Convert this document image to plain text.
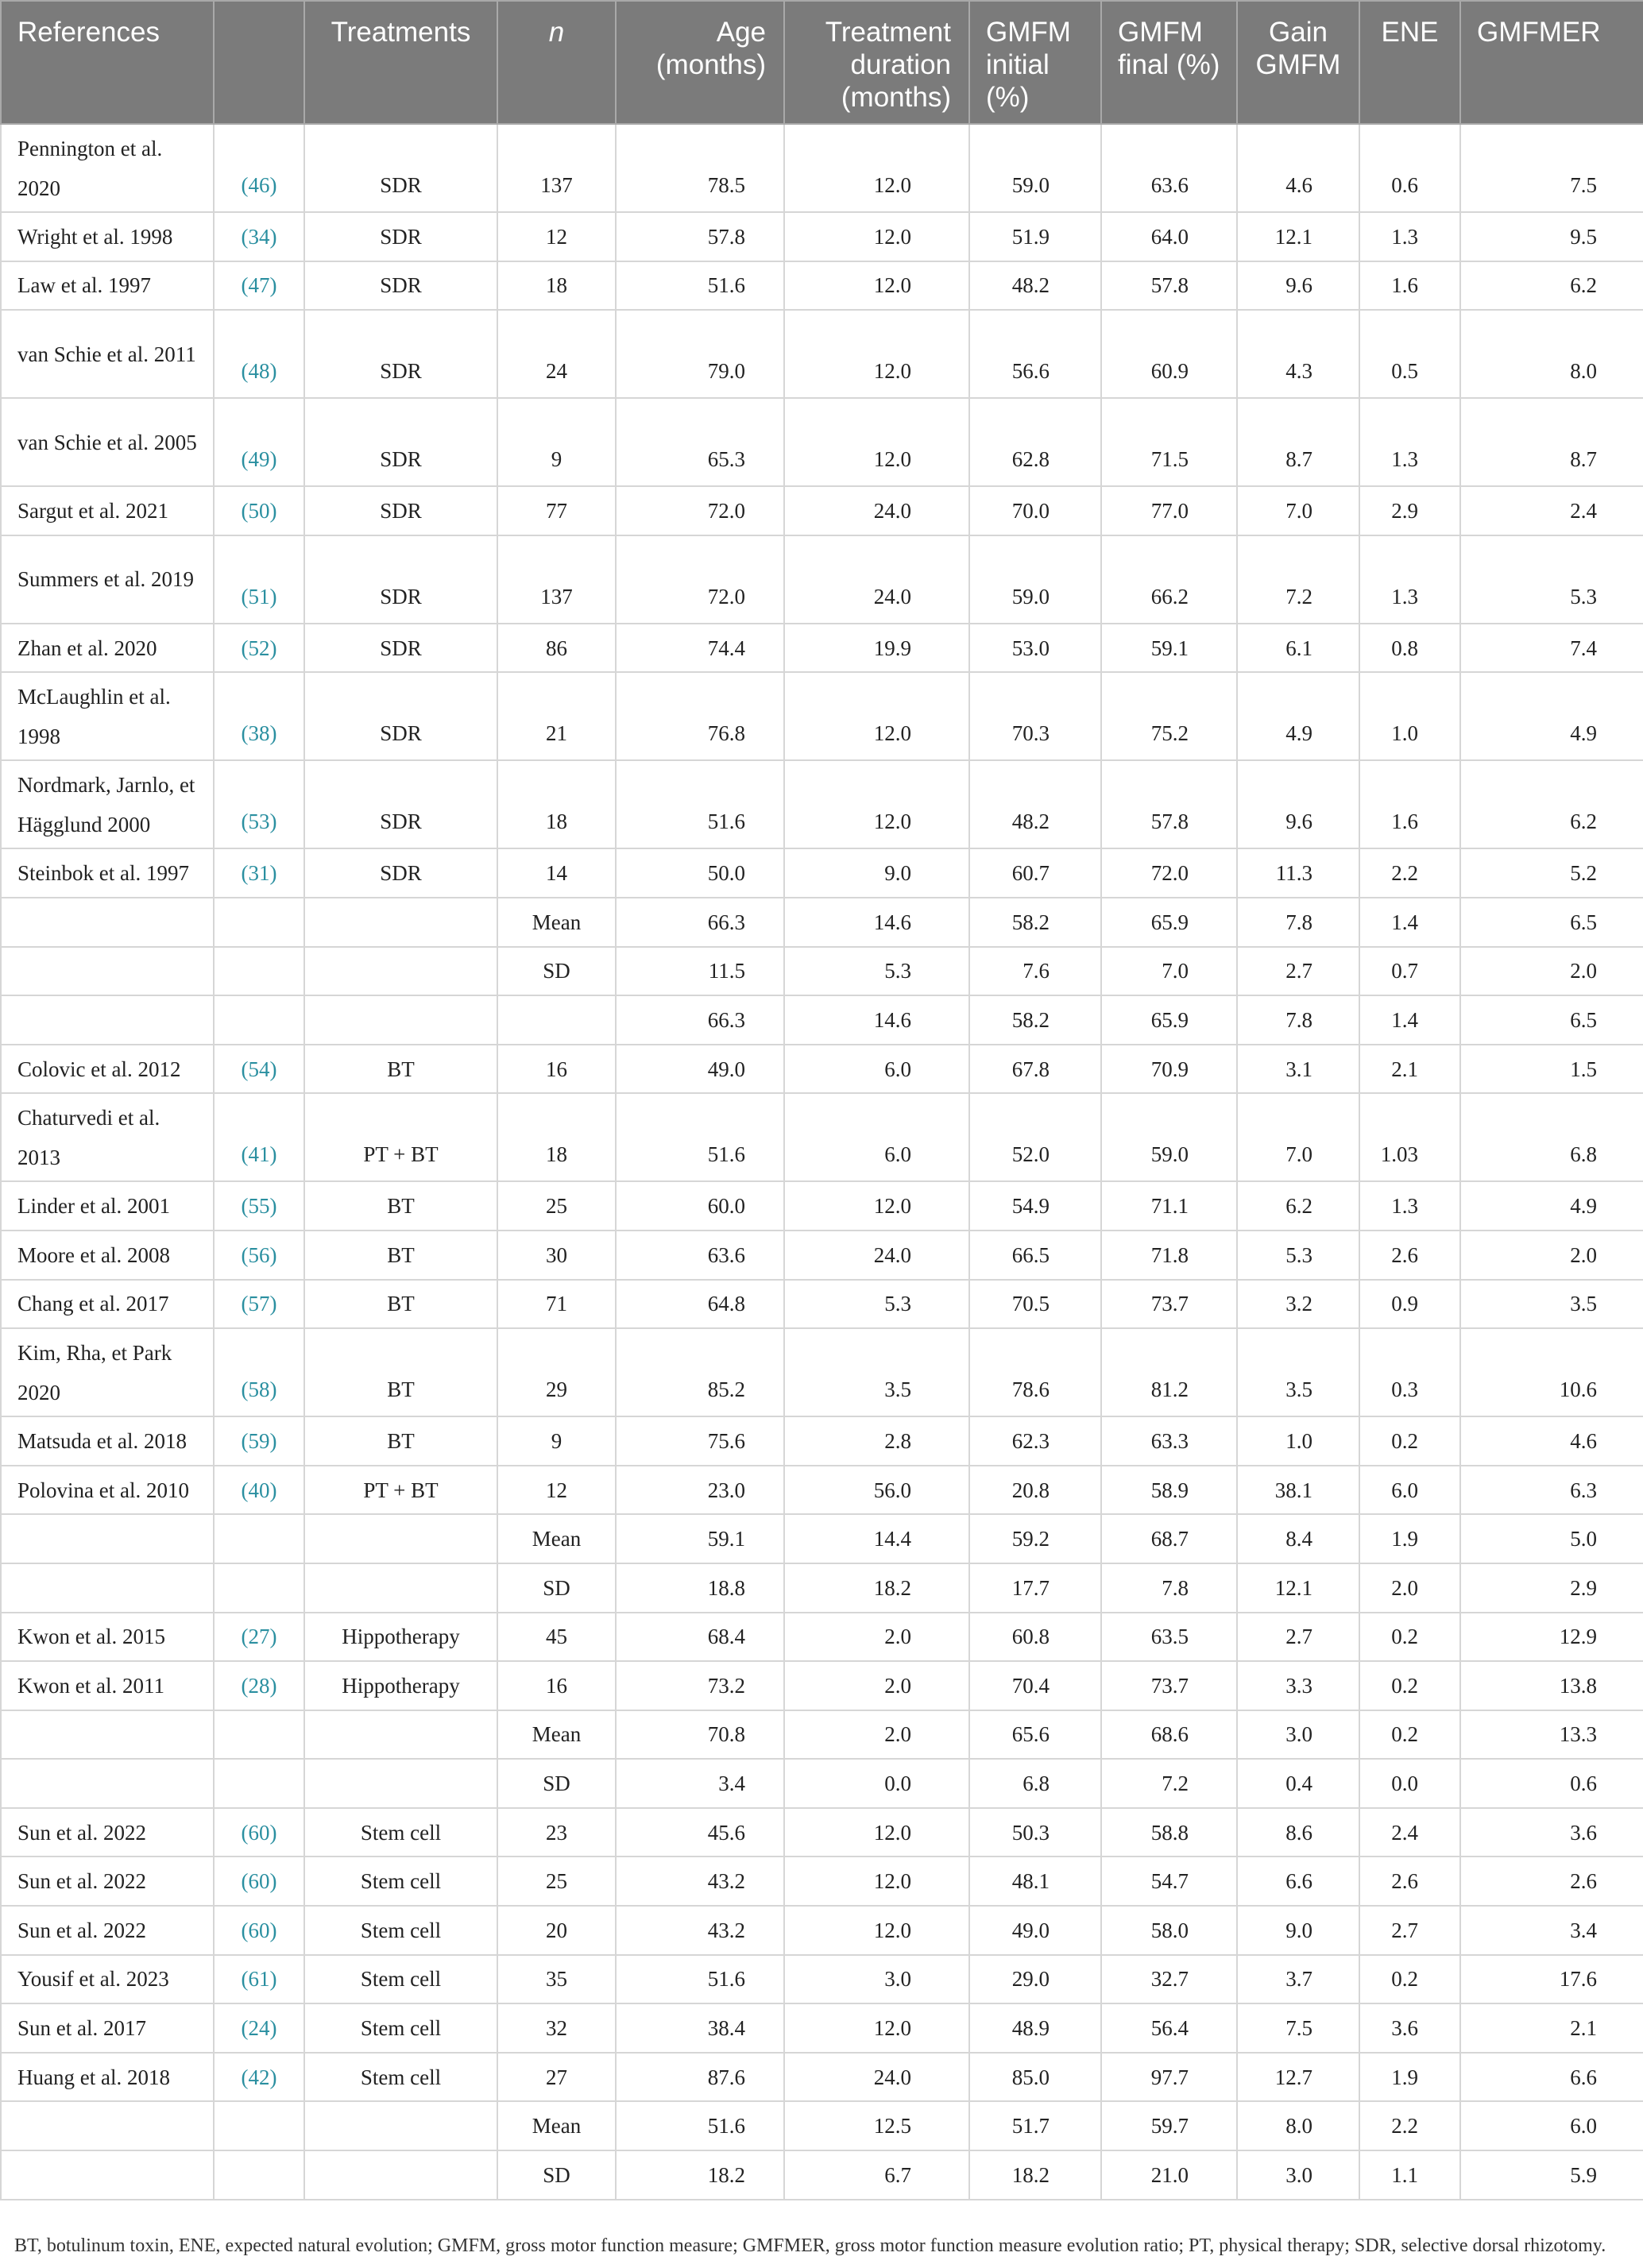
References		Treatments	n	Age (months)	Treatment duration (months)	GMFM initial (%)	GMFM final (%)	Gain GMFM	ENE	GMFMER
Pennington et al. 2020	(46)	SDR	137	78.5	12.0	59.0	63.6	4.6	0.6	7.5
Wright et al. 1998	(34)	SDR	12	57.8	12.0	51.9	64.0	12.1	1.3	9.5
Law et al. 1997	(47)	SDR	18	51.6	12.0	48.2	57.8	9.6	1.6	6.2
van Schie et al. 2011	(48)	SDR	24	79.0	12.0	56.6	60.9	4.3	0.5	8.0
van Schie et al. 2005	(49)	SDR	9	65.3	12.0	62.8	71.5	8.7	1.3	8.7
Sargut et al. 2021	(50)	SDR	77	72.0	24.0	70.0	77.0	7.0	2.9	2.4
Summers et al. 2019	(51)	SDR	137	72.0	24.0	59.0	66.2	7.2	1.3	5.3
Zhan et al. 2020	(52)	SDR	86	74.4	19.9	53.0	59.1	6.1	0.8	7.4
McLaughlin et al. 1998	(38)	SDR	21	76.8	12.0	70.3	75.2	4.9	1.0	4.9
Nordmark, Jarnlo, et Hägglund 2000	(53)	SDR	18	51.6	12.0	48.2	57.8	9.6	1.6	6.2
Steinbok et al. 1997	(31)	SDR	14	50.0	9.0	60.7	72.0	11.3	2.2	5.2
			Mean	66.3	14.6	58.2	65.9	7.8	1.4	6.5
			SD	11.5	5.3	7.6	7.0	2.7	0.7	2.0
				66.3	14.6	58.2	65.9	7.8	1.4	6.5
Colovic et al. 2012	(54)	BT	16	49.0	6.0	67.8	70.9	3.1	2.1	1.5
Chaturvedi et al. 2013	(41)	PT + BT	18	51.6	6.0	52.0	59.0	7.0	1.03	6.8
Linder et al. 2001	(55)	BT	25	60.0	12.0	54.9	71.1	6.2	1.3	4.9
Moore et al. 2008	(56)	BT	30	63.6	24.0	66.5	71.8	5.3	2.6	2.0
Chang et al. 2017	(57)	BT	71	64.8	5.3	70.5	73.7	3.2	0.9	3.5
Kim, Rha, et Park 2020	(58)	BT	29	85.2	3.5	78.6	81.2	3.5	0.3	10.6
Matsuda et al. 2018	(59)	BT	9	75.6	2.8	62.3	63.3	1.0	0.2	4.6
Polovina et al. 2010	(40)	PT + BT	12	23.0	56.0	20.8	58.9	38.1	6.0	6.3
			Mean	59.1	14.4	59.2	68.7	8.4	1.9	5.0
			SD	18.8	18.2	17.7	7.8	12.1	2.0	2.9
Kwon et al. 2015	(27)	Hippotherapy	45	68.4	2.0	60.8	63.5	2.7	0.2	12.9
Kwon et al. 2011	(28)	Hippotherapy	16	73.2	2.0	70.4	73.7	3.3	0.2	13.8
			Mean	70.8	2.0	65.6	68.6	3.0	0.2	13.3
			SD	3.4	0.0	6.8	7.2	0.4	0.0	0.6
Sun et al. 2022	(60)	Stem cell	23	45.6	12.0	50.3	58.8	8.6	2.4	3.6
Sun et al. 2022	(60)	Stem cell	25	43.2	12.0	48.1	54.7	6.6	2.6	2.6
Sun et al. 2022	(60)	Stem cell	20	43.2	12.0	49.0	58.0	9.0	2.7	3.4
Yousif et al. 2023	(61)	Stem cell	35	51.6	3.0	29.0	32.7	3.7	0.2	17.6
Sun et al. 2017	(24)	Stem cell	32	38.4	12.0	48.9	56.4	7.5	3.6	2.1
Huang et al. 2018	(42)	Stem cell	27	87.6	24.0	85.0	97.7	12.7	1.9	6.6
			Mean	51.6	12.5	51.7	59.7	8.0	2.2	6.0
			SD	18.2	6.7	18.2	21.0	3.0	1.1	5.9
BT, botulinum toxin, ENE, expected natural evolution; GMFM, gross motor function measure; GMFMER, gross motor function measure evolution ratio; PT, physical therapy; SDR, selective dorsal rhizotomy.
